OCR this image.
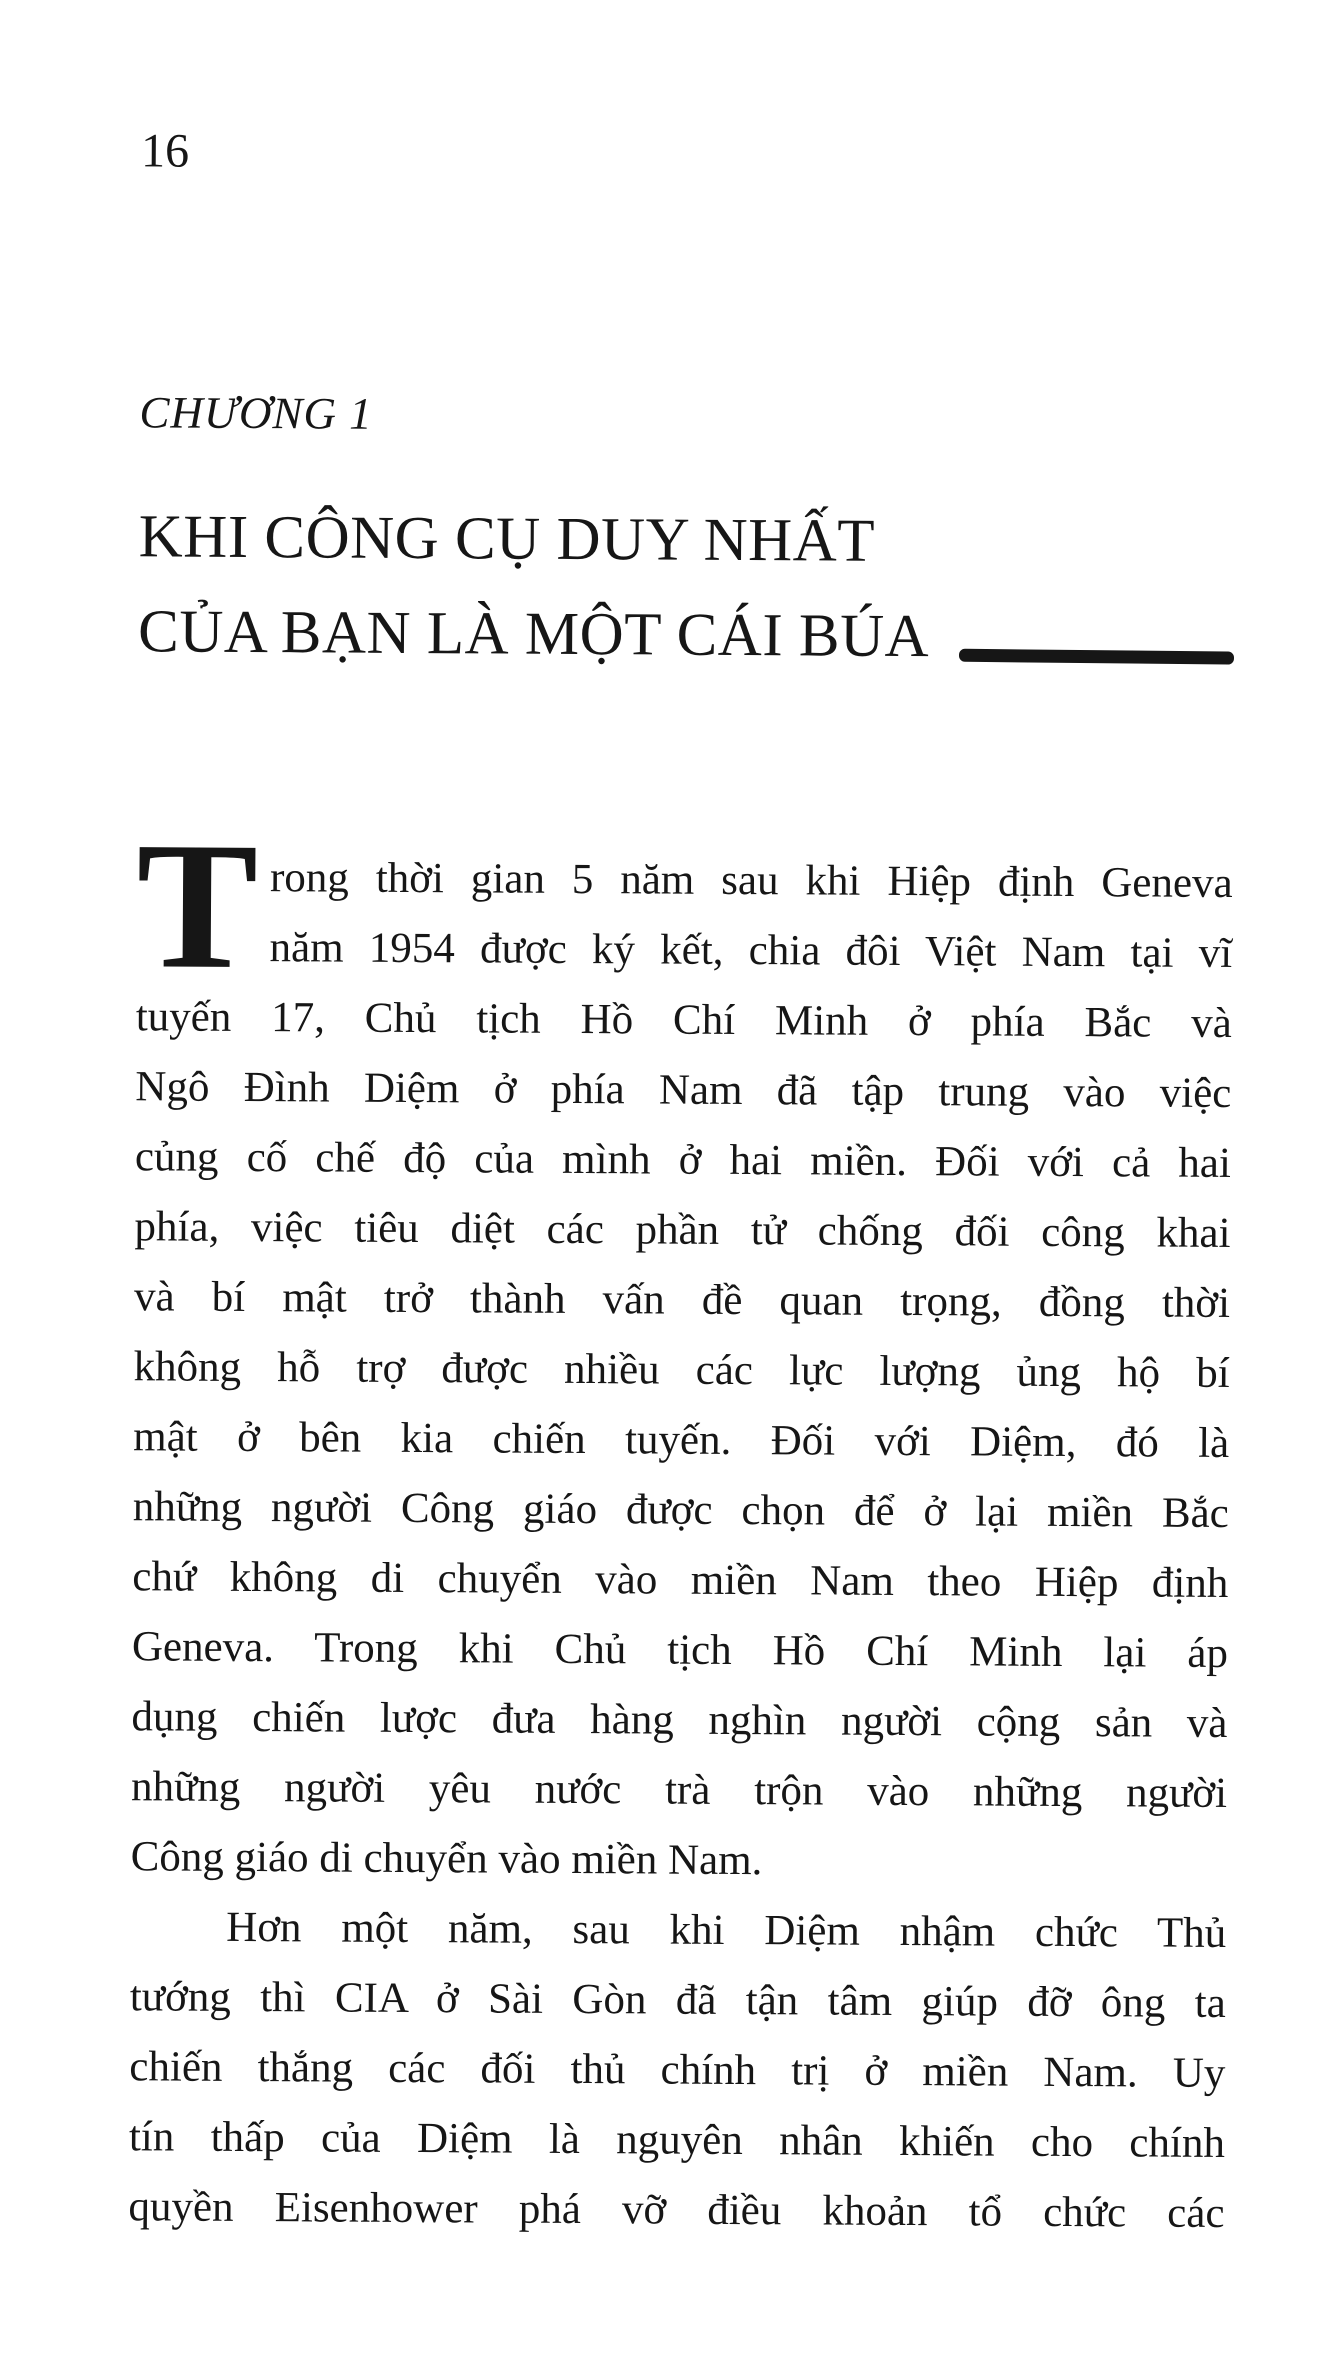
16
CHƯƠNG 1
KHI CÔNG CỤ DUY NHẤT
CỦA BẠN LÀ MỘT CÁI BÚA
T rong thời gian 5 năm sau khi Hiệp định Geneva
năm 1954 được ký kết, chia đôi Việt Nam tại vĩ
tuyến 17, Chủ tịch Hồ Chí Minh ở phía Bắc và
Ngô Đình Diệm ở phía Nam đã tập trung vào việc
củng cố chế độ của mình ở hai miền. Đối với cả hai
phía, việc tiêu diệt các phần tử chống đối công khai
và bí mật trở thành vấn đề quan trọng, đồng thời
không hỗ trợ được nhiều các lực lượng ủng hộ bí
mật ở bên kia chiến tuyến. Đối với Diệm, đó là
những người Công giáo được chọn để ở lại miền Bắc
chứ không di chuyển vào miền Nam theo Hiệp định
Geneva. Trong khi Chủ tịch Hồ Chí Minh lại áp
dụng chiến lược đưa hàng nghìn người cộng sản và
những người yêu nước trà trộn vào những người
Công giáo di chuyển vào miền Nam.
Hơn một năm, sau khi Diệm nhậm chức Thủ
tướng thì CIA ở Sài Gòn đã tận tâm giúp đỡ ông ta
chiến thắng các đối thủ chính trị ở miền Nam. Uy
tín thấp của Diệm là nguyên nhân khiến cho chính
quyền Eisenhower phá vỡ điều khoản tổ chức các
